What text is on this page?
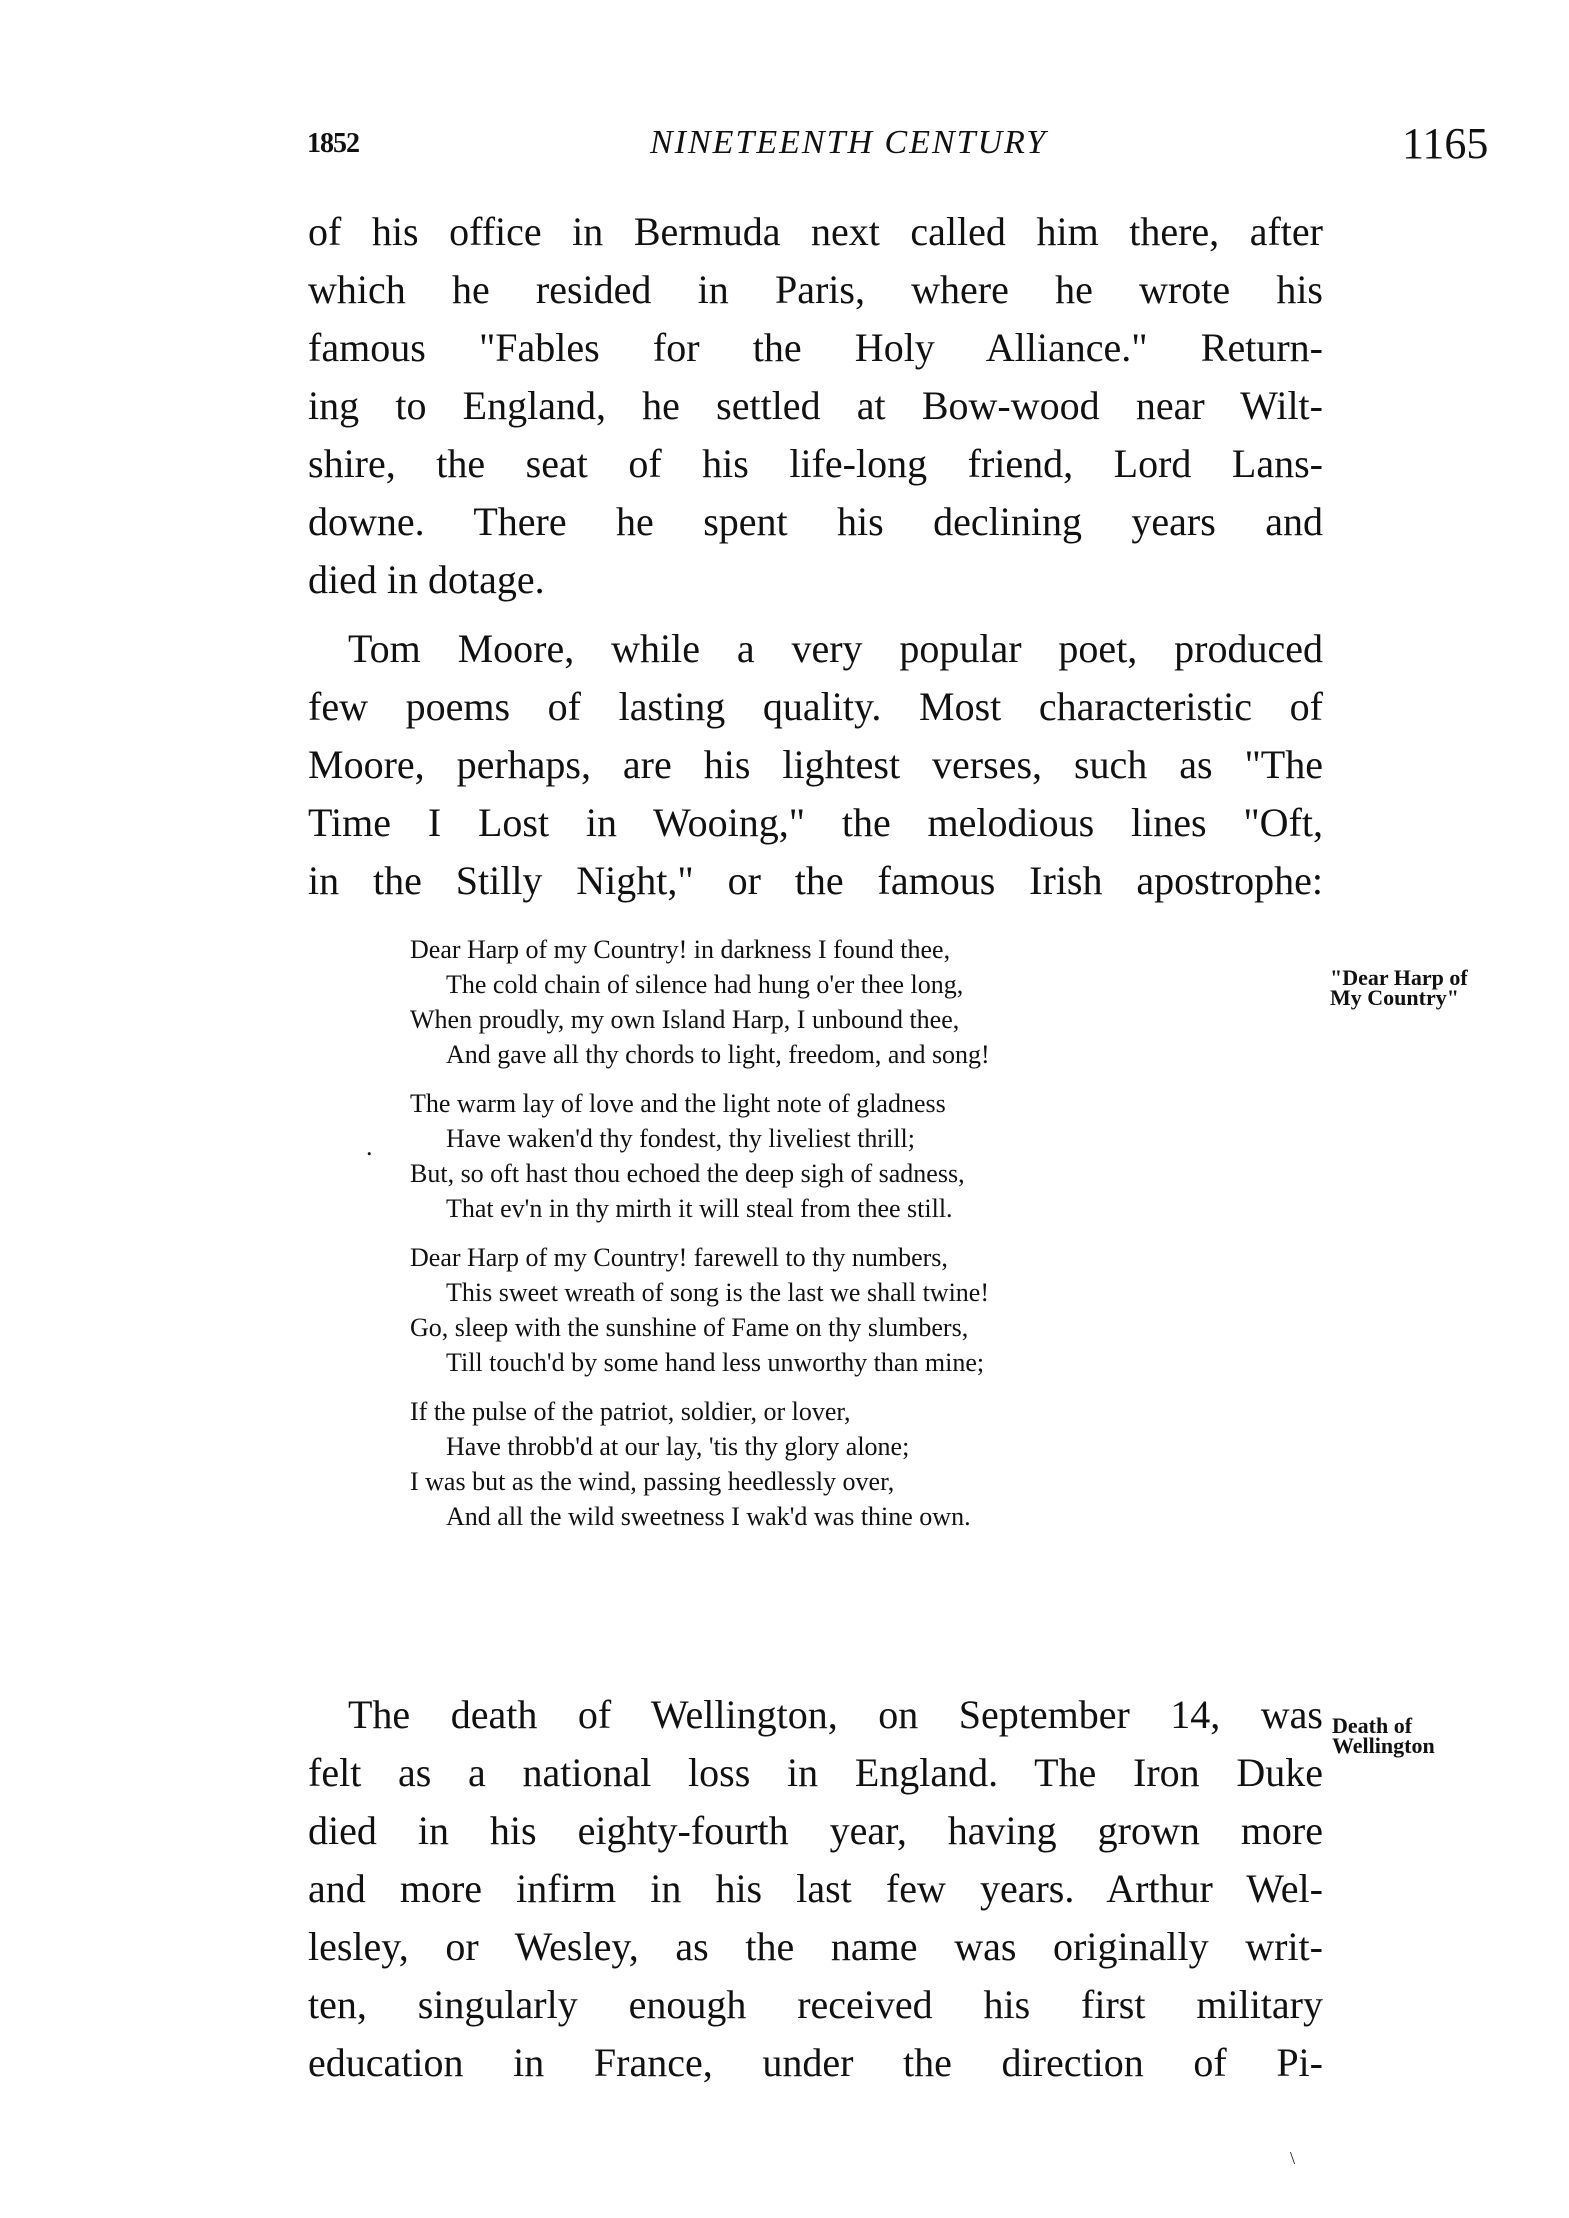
1852	NINETEENTH CENTURY	1165
of his office in Bermuda next called him there, after
which he resided in Paris, where he wrote his
famous "Fables for the Holy Alliance." Return-
ing to England, he settled at Bow-wood near Wilt-
shire, the seat of his life-long friend, Lord Lans-
downe. There he spent his declining years and
died in dotage.
Tom Moore, while a very popular poet, produced
few poems of lasting quality. Most characteristic of
Moore, perhaps, are his lightest verses, such as "The
Time I Lost in Wooing," the melodious lines "Oft,
in the Stilly Night," or the famous Irish apostrophe:
"Dear Harp of My Country"
.
Dear Harp of my Country! in darkness I found thee,
The cold chain of silence had hung o'er thee long,
When proudly, my own Island Harp, I unbound thee,
And gave all thy chords to light, freedom, and song!
The warm lay of love and the light note of gladness
Have waken'd thy fondest, thy liveliest thrill;
But, so oft hast thou echoed the deep sigh of sadness,
That ev'n in thy mirth it will steal from thee still.
Dear Harp of my Country! farewell to thy numbers,
This sweet wreath of song is the last we shall twine!
Go, sleep with the sunshine of Fame on thy slumbers,
Till touch'd by some hand less unworthy than mine;
If the pulse of the patriot, soldier, or lover,
Have throbb'd at our lay, 'tis thy glory alone;
I was but as the wind, passing heedlessly over,
And all the wild sweetness I wak'd was thine own.
Death of Wellington
The death of Wellington, on September 14, was
felt as a national loss in England. The Iron Duke
died in his eighty-fourth year, having grown more
and more infirm in his last few years. Arthur Wel-
lesley, or Wesley, as the name was originally writ-
ten, singularly enough received his first military
education in France, under the direction of Pi-
\
